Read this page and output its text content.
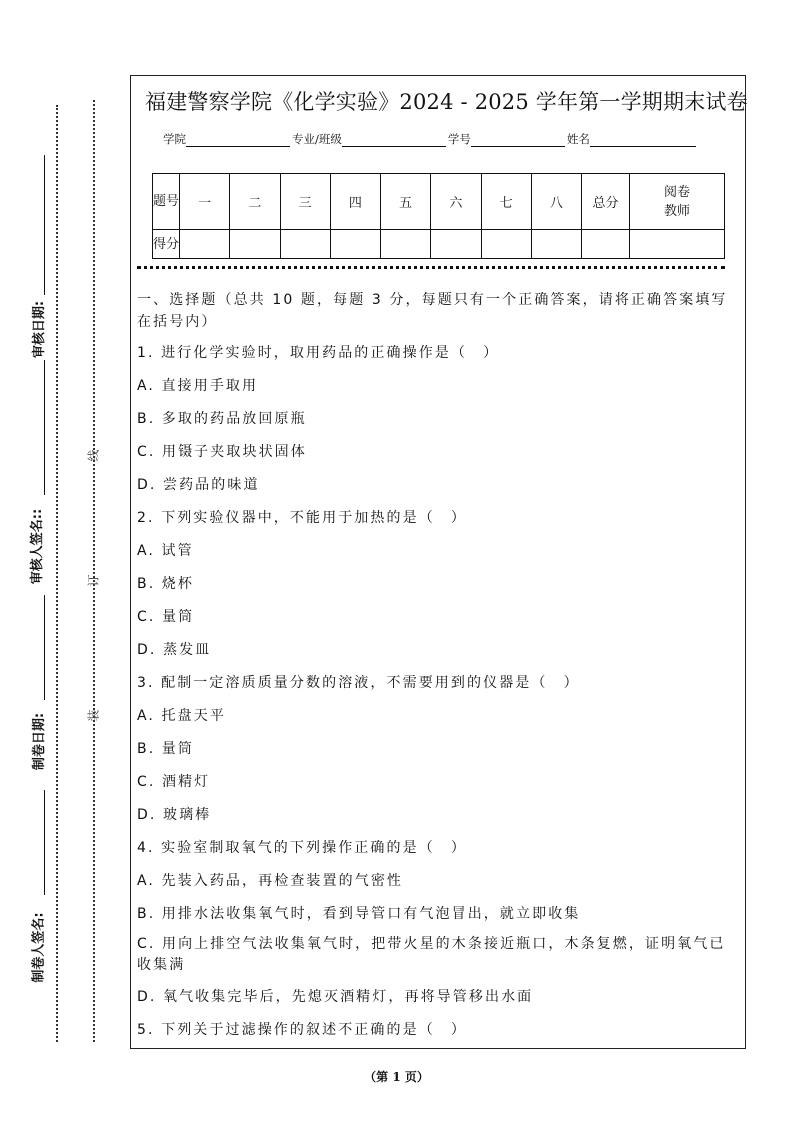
线
订
装
审核日期:
审核人签名::
制卷日期:
制卷人签名:
福建警察学院《化学实验》2024 - 2025 学年第一学期期末试卷
学院	专业/班级	学号	姓名
题号	一	二	三	四	五	六	七	八	总分	阅卷教师
得分										
一、选择题（总共 10 题，每题 3 分，每题只有一个正确答案，请将正确答案填写在括号内）
1. 进行化学实验时，取用药品的正确操作是（　）
A. 直接用手取用
B. 多取的药品放回原瓶
C. 用镊子夹取块状固体
D. 尝药品的味道
2. 下列实验仪器中，不能用于加热的是（　）
A. 试管
B. 烧杯
C. 量筒
D. 蒸发皿
3. 配制一定溶质质量分数的溶液，不需要用到的仪器是（　）
A. 托盘天平
B. 量筒
C. 酒精灯
D. 玻璃棒
4. 实验室制取氧气的下列操作正确的是（　）
A. 先装入药品，再检查装置的气密性
B. 用排水法收集氧气时，看到导管口有气泡冒出，就立即收集
C. 用向上排空气法收集氧气时，把带火星的木条接近瓶口，木条复燃，证明氧气已收集满
D. 氧气收集完毕后，先熄灭酒精灯，再将导管移出水面
5. 下列关于过滤操作的叙述不正确的是（　）
（第 1 页）
